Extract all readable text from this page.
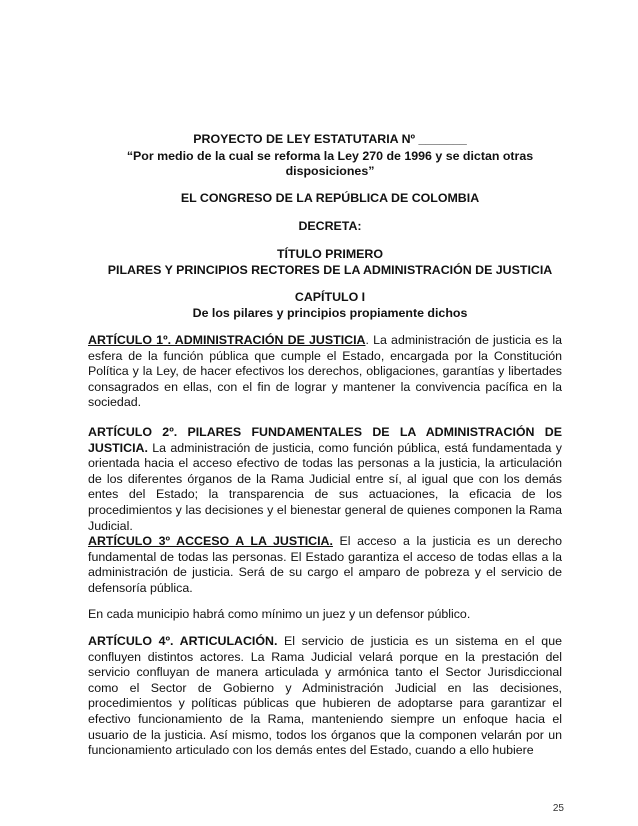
PROYECTO DE LEY ESTATUTARIA Nº _______
“Por medio de la cual se reforma la Ley 270 de 1996 y se dictan otras
disposiciones”
EL CONGRESO DE LA REPÚBLICA DE COLOMBIA
DECRETA:
TÍTULO PRIMERO
PILARES Y PRINCIPIOS RECTORES DE LA ADMINISTRACIÓN DE JUSTICIA
CAPÍTULO I
De los pilares y principios propiamente dichos

ARTÍCULO 1º. ADMINISTRACIÓN DE JUSTICIA. La administración de justicia es la esfera de la función pública que cumple el Estado, encargada por la Constitución Política y la Ley, de hacer efectivos los derechos, obligaciones, garantías y libertades consagrados en ellas, con el fin de lograr y mantener la convivencia pacífica en la sociedad.

ARTÍCULO 2º. PILARES FUNDAMENTALES DE LA ADMINISTRACIÓN DE JUSTICIA. La administración de justicia, como función pública, está fundamentada y orientada hacia el acceso efectivo de todas las personas a la justicia, la articulación de los diferentes órganos de la Rama Judicial entre sí, al igual que con los demás entes del Estado; la transparencia de sus actuaciones, la eficacia de los procedimientos y las decisiones y el bienestar general de quienes componen la Rama Judicial.

ARTÍCULO 3º ACCESO A LA JUSTICIA. El acceso a la justicia es un derecho fundamental de todas las personas. El Estado garantiza el acceso de todas ellas a la administración de justicia. Será de su cargo el amparo de pobreza y el servicio de defensoría pública.

En cada municipio habrá como mínimo un juez y un defensor público.

ARTÍCULO 4º. ARTICULACIÓN. El servicio de justicia es un sistema en el que confluyen distintos actores. La Rama Judicial velará porque en la prestación del servicio confluyan de manera articulada y armónica tanto el Sector Jurisdiccional como el Sector de Gobierno y Administración Judicial en las decisiones, procedimientos y políticas públicas que hubieren de adoptarse para garantizar el efectivo funcionamiento de la Rama, manteniendo siempre un enfoque hacia el usuario de la justicia. Así mismo, todos los órganos que la componen velarán por un funcionamiento articulado con los demás entes del Estado, cuando a ello hubiere

25
